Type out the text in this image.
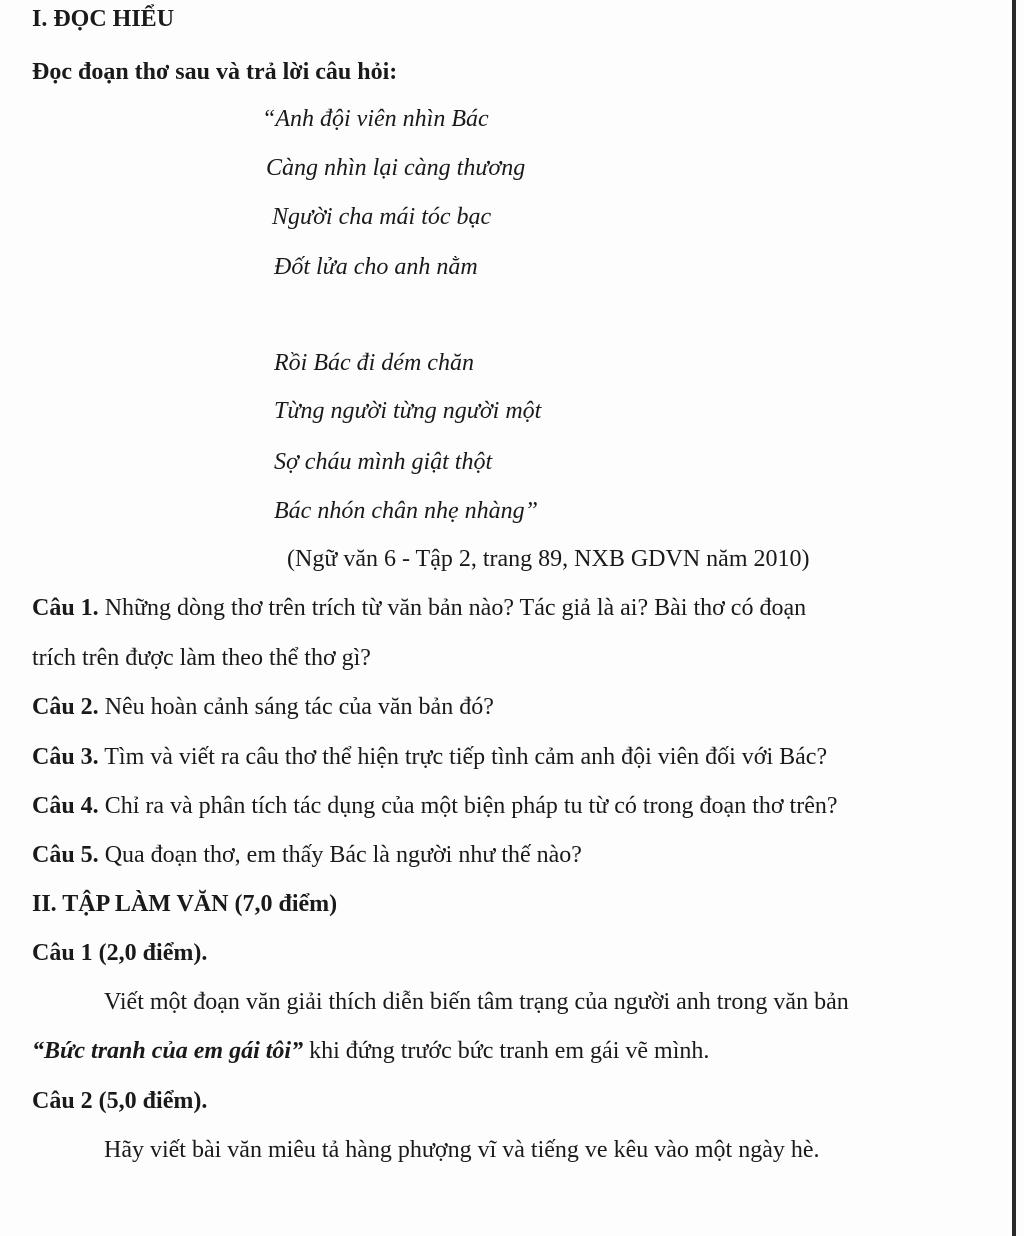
I. ĐỌC HIỂU
Đọc đoạn thơ sau và trả lời câu hỏi:
“Anh đội viên nhìn Bác
Càng nhìn lại càng thương
Người cha mái tóc bạc
Đốt lửa cho anh nằm
Rồi Bác đi dém chăn
Từng người từng người một
Sợ cháu mình giật thột
Bác nhón chân nhẹ nhàng”
(Ngữ văn 6 - Tập 2, trang 89, NXB GDVN năm 2010)
Câu 1. Những dòng thơ trên trích từ văn bản nào? Tác giả là ai? Bài thơ có đoạn
trích trên được làm theo thể thơ gì?
Câu 2. Nêu hoàn cảnh sáng tác của văn bản đó?
Câu 3. Tìm và viết ra câu thơ thể hiện trực tiếp tình cảm anh đội viên đối với Bác?
Câu 4. Chỉ ra và phân tích tác dụng của một biện pháp tu từ có trong đoạn thơ trên?
Câu 5. Qua đoạn thơ, em thấy Bác là người như thế nào?
II. TẬP LÀM VĂN (7,0 điểm)
Câu 1 (2,0 điểm).
Viết một đoạn văn giải thích diễn biến tâm trạng của người anh trong văn bản
“Bức tranh của em gái tôi” khi đứng trước bức tranh em gái vẽ mình.
Câu 2 (5,0 điểm).
Hãy viết bài văn miêu tả hàng phượng vĩ và tiếng ve kêu vào một ngày hè.
